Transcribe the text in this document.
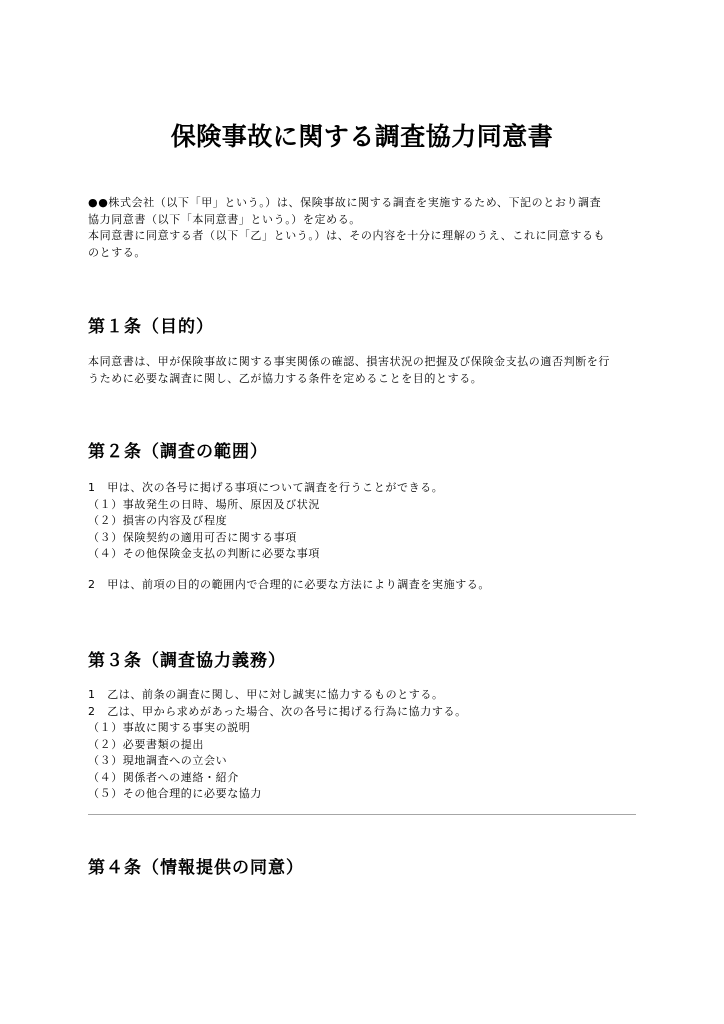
保険事故に関する調査協力同意書

●●株式会社（以下「甲」という。）は、保険事故に関する調査を実施するため、下記のとおり調査

協力同意書（以下「本同意書」という。）を定める。

本同意書に同意する者（以下「乙」という。）は、その内容を十分に理解のうえ、これに同意するも

のとする。

第１条（目的）

本同意書は、甲が保険事故に関する事実関係の確認、損害状況の把握及び保険金支払の適否判断を行

うために必要な調査に関し、乙が協力する条件を定めることを目的とする。

第２条（調査の範囲）

1　甲は、次の各号に掲げる事項について調査を行うことができる。

（１）事故発生の日時、場所、原因及び状況
（２）損害の内容及び程度
（３）保険契約の適用可否に関する事項
（４）その他保険金支払の判断に必要な事項

2　甲は、前項の目的の範囲内で合理的に必要な方法により調査を実施する。

第３条（調査協力義務）

1　乙は、前条の調査に関し、甲に対し誠実に協力するものとする。

2　乙は、甲から求めがあった場合、次の各号に掲げる行為に協力する。

（１）事故に関する事実の説明
（２）必要書類の提出
（３）現地調査への立会い
（４）関係者への連絡・紹介
（５）その他合理的に必要な協力
第４条（情報提供の同意）
